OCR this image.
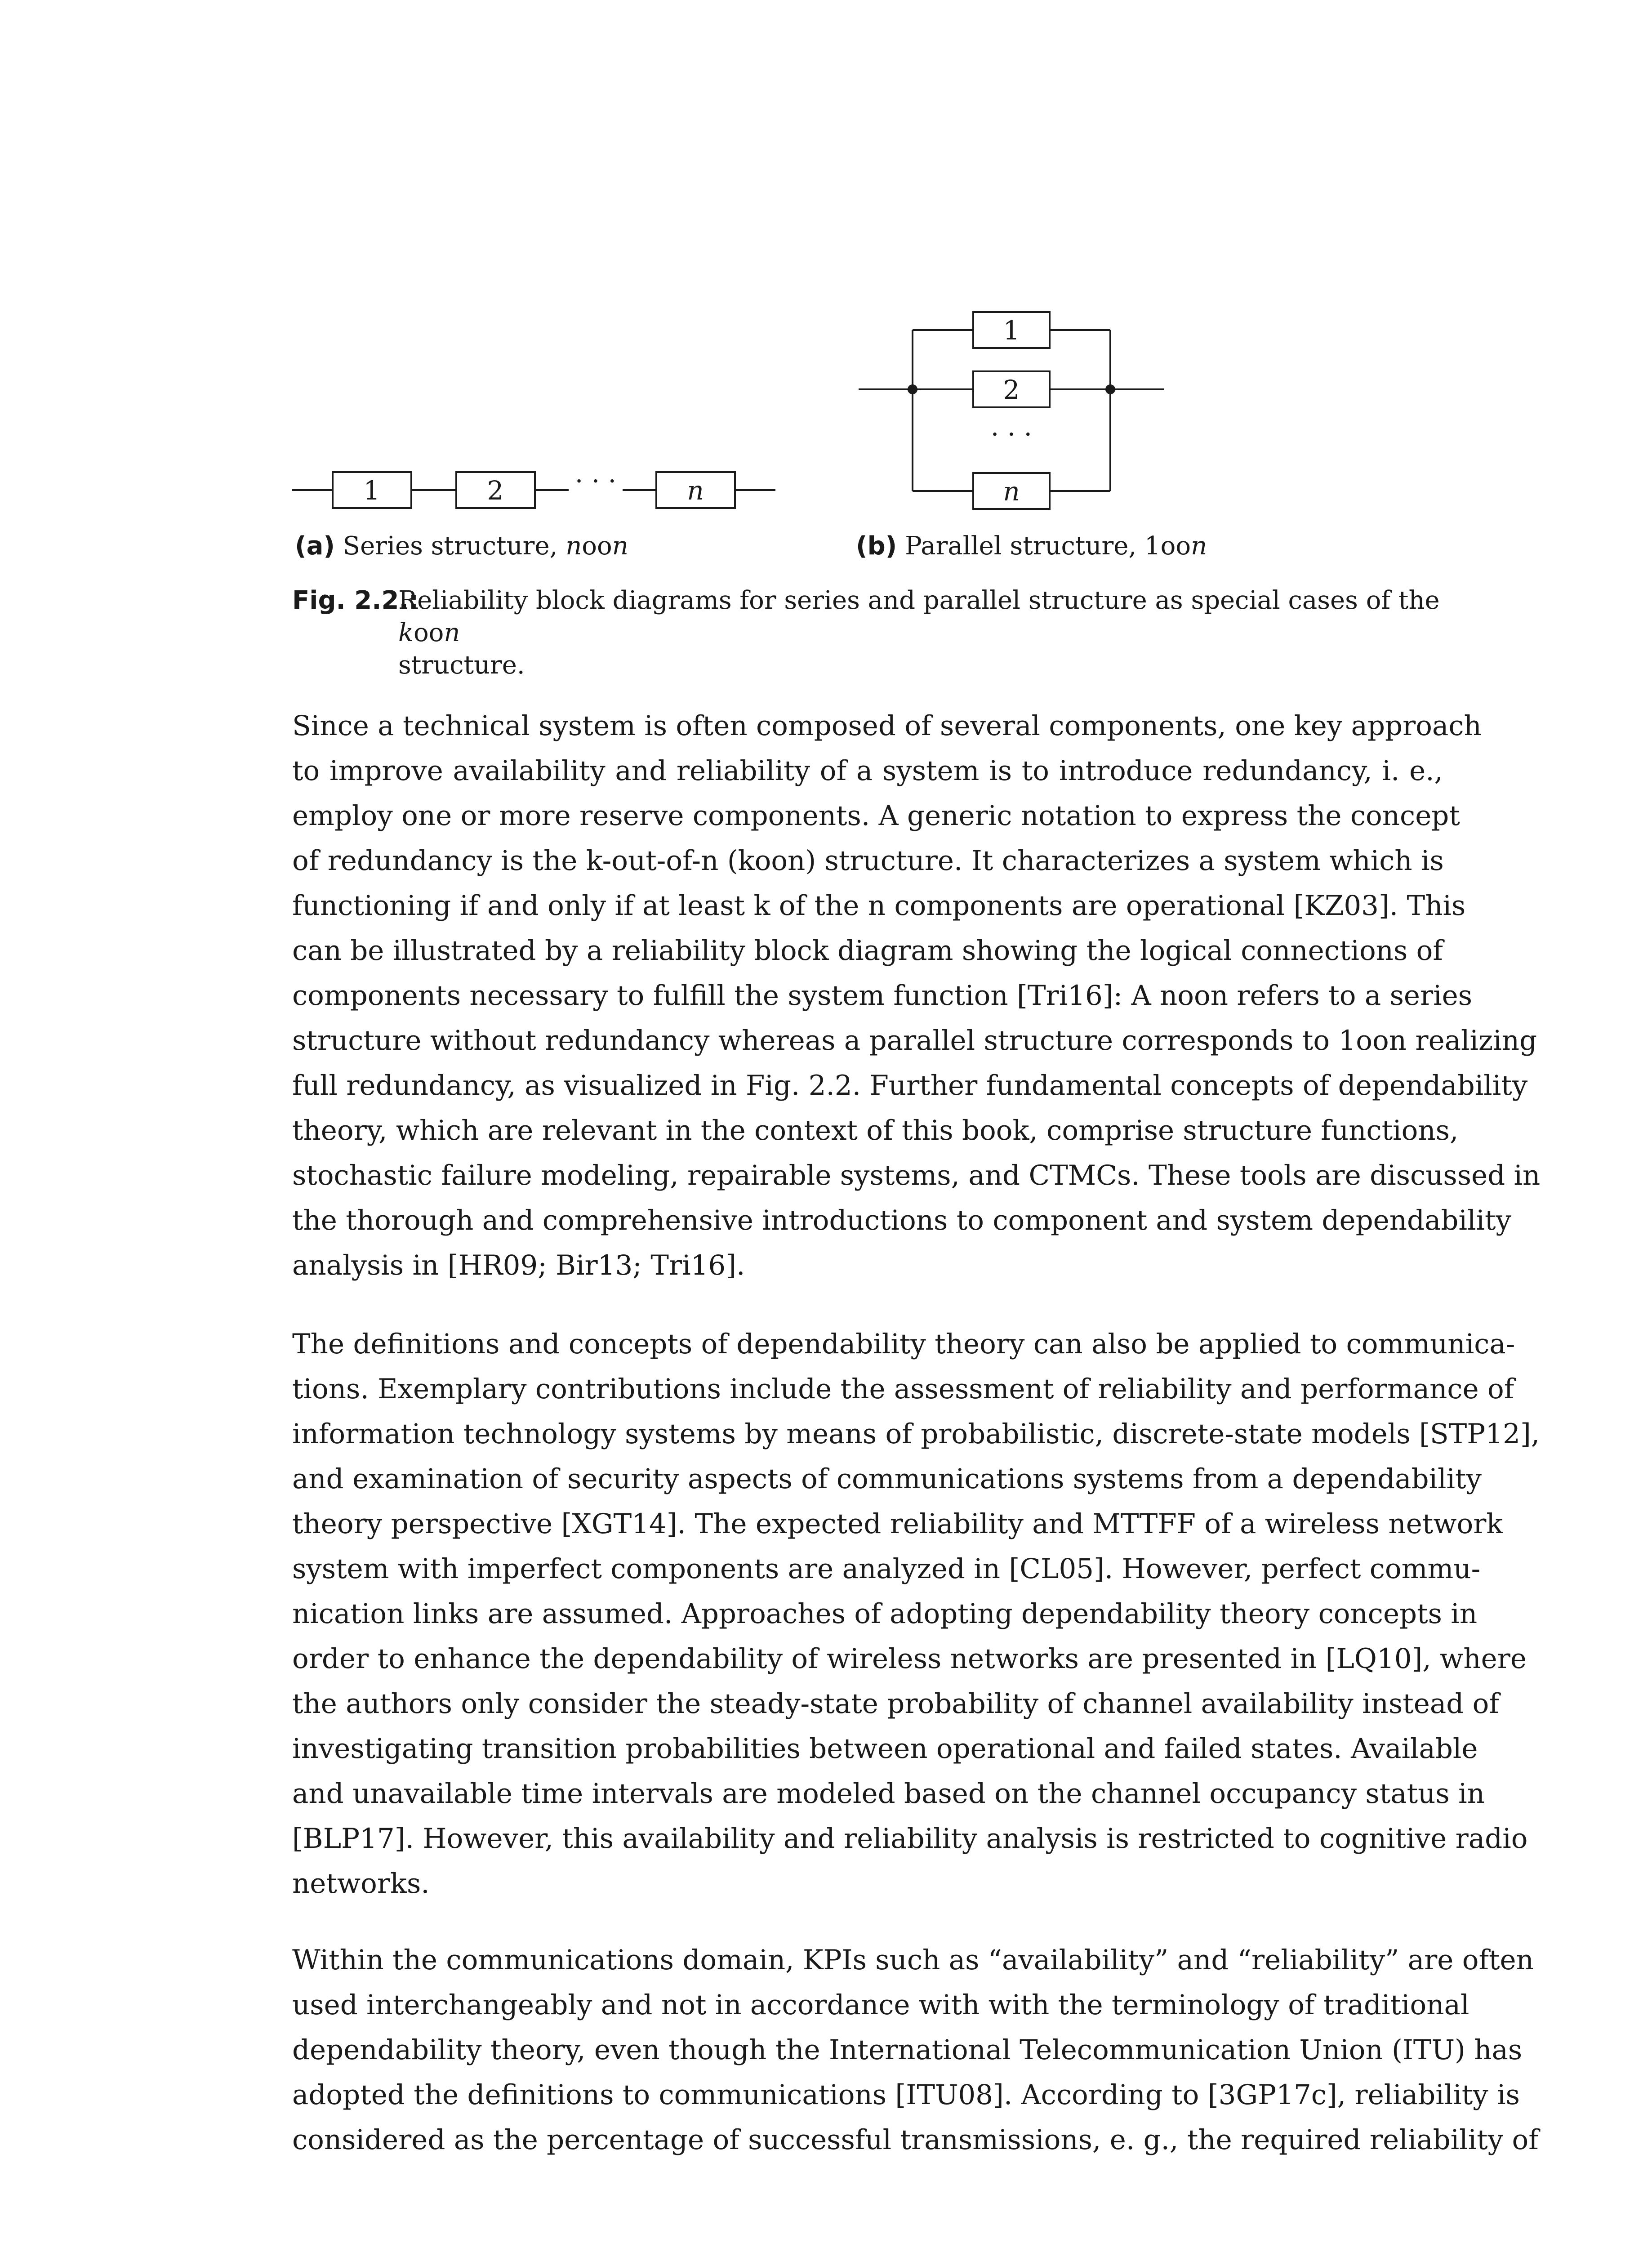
1	2	· · ·	n
1
2
· · ·
n
(a) Series structure, noon	(b) Parallel structure, 1oon
Fig. 2.2.:
Reliability block diagrams for series and parallel structure as special cases of the koon
structure.
Since a technical system is often composed of several components, one key approach
to improve availability and reliability of a system is to introduce redundancy, i. e.,
employ one or more reserve components. A generic notation to express the concept
of redundancy is the k-out-of-n (koon) structure. It characterizes a system which is
functioning if and only if at least k of the n components are operational [KZ03]. This
can be illustrated by a reliability block diagram showing the logical connections of
components necessary to fulfill the system function [Tri16]: A noon refers to a series
structure without redundancy whereas a parallel structure corresponds to 1oon realizing
full redundancy, as visualized in Fig. 2.2. Further fundamental concepts of dependability
theory, which are relevant in the context of this book, comprise structure functions,
stochastic failure modeling, repairable systems, and CTMCs. These tools are discussed in
the thorough and comprehensive introductions to component and system dependability
analysis in [HR09; Bir13; Tri16].
The definitions and concepts of dependability theory can also be applied to communica-
tions. Exemplary contributions include the assessment of reliability and performance of
information technology systems by means of probabilistic, discrete-state models [STP12],
and examination of security aspects of communications systems from a dependability
theory perspective [XGT14]. The expected reliability and MTTFF of a wireless network
system with imperfect components are analyzed in [CL05]. However, perfect commu-
nication links are assumed. Approaches of adopting dependability theory concepts in
order to enhance the dependability of wireless networks are presented in [LQ10], where
the authors only consider the steady-state probability of channel availability instead of
investigating transition probabilities between operational and failed states. Available
and unavailable time intervals are modeled based on the channel occupancy status in
[BLP17]. However, this availability and reliability analysis is restricted to cognitive radio
networks.
Within the communications domain, KPIs such as “availability” and “reliability” are often
used interchangeably and not in accordance with with the terminology of traditional
dependability theory, even though the International Telecommunication Union (ITU) has
adopted the definitions to communications [ITU08]. According to [3GP17c], reliability is
considered as the percentage of successful transmissions, e. g., the required reliability of
